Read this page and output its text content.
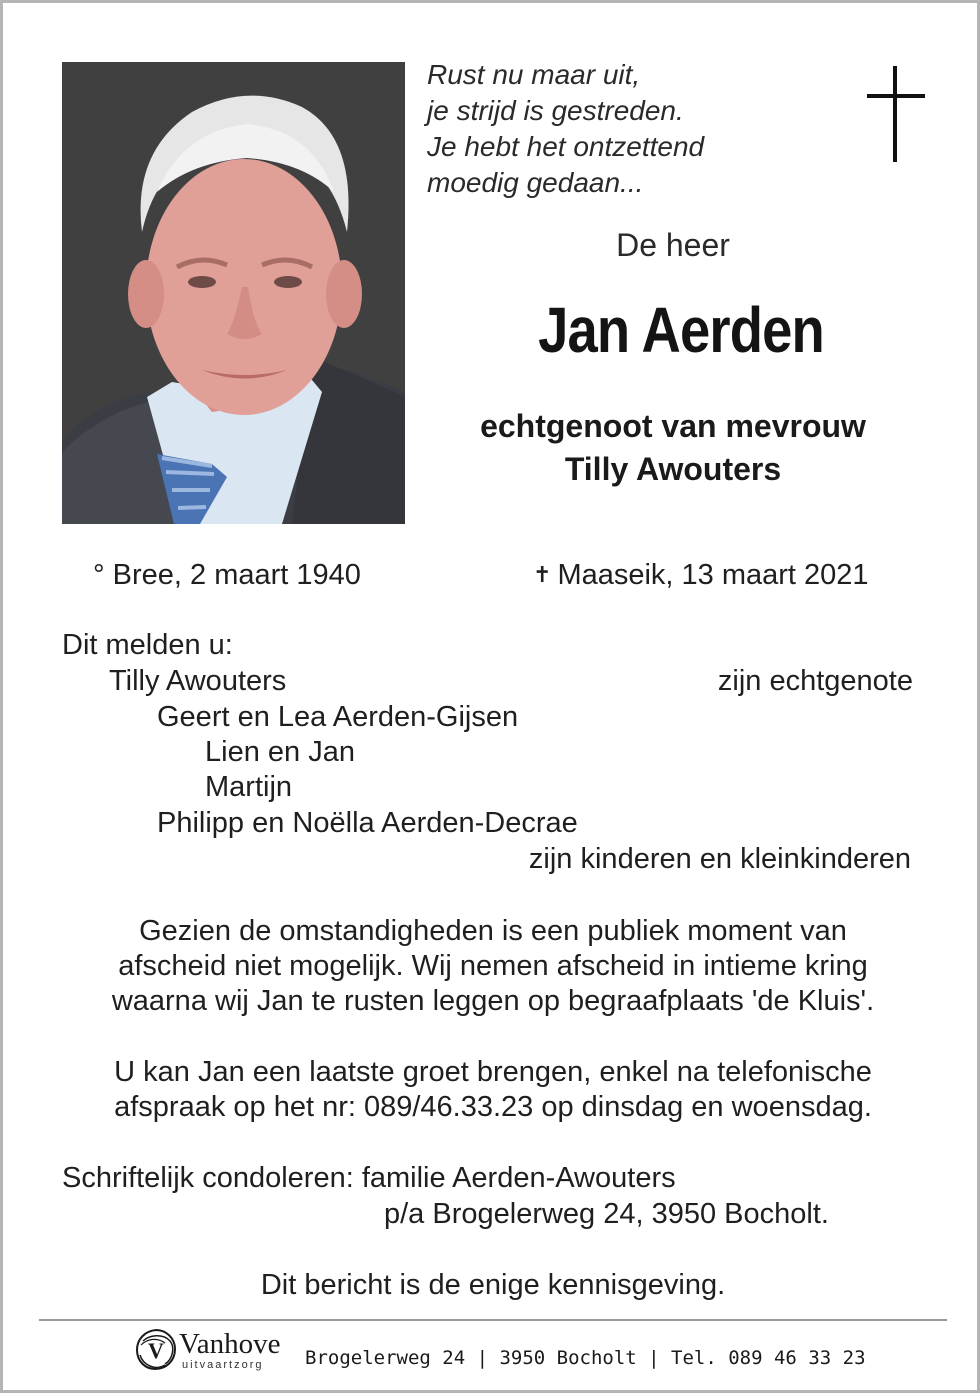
Rust nu maar uit,
je strijd is gestreden.
Je hebt het ontzettend
moedig gedaan...
De heer
Jan Aerden
echtgenoot van mevrouw
Tilly Awouters
° Bree, 2 maart 1940	✝ Maaseik, 13 maart 2021
Dit melden u:
Tilly Awouters	zijn echtgenote
Geert en Lea Aerden-Gijsen
Lien en Jan
Martijn
Philipp en Noëlla Aerden-Decrae
zijn kinderen en kleinkinderen
Gezien de omstandigheden is een publiek moment van
afscheid niet mogelijk. Wij nemen afscheid in intieme kring
waarna wij Jan te rusten leggen op begraafplaats 'de Kluis'.
U kan Jan een laatste groet brengen, enkel na telefonische
afspraak op het nr: 089/46.33.23 op dinsdag en woensdag.
Schriftelijk condoleren: familie Aerden-Awouters
p/a Brogelerweg 24, 3950 Bocholt.
Dit bericht is de enige kennisgeving.
V Vanhove
uitvaartzorg Brogelerweg 24 | 3950 Bocholt | Tel. 089 46 33 23
